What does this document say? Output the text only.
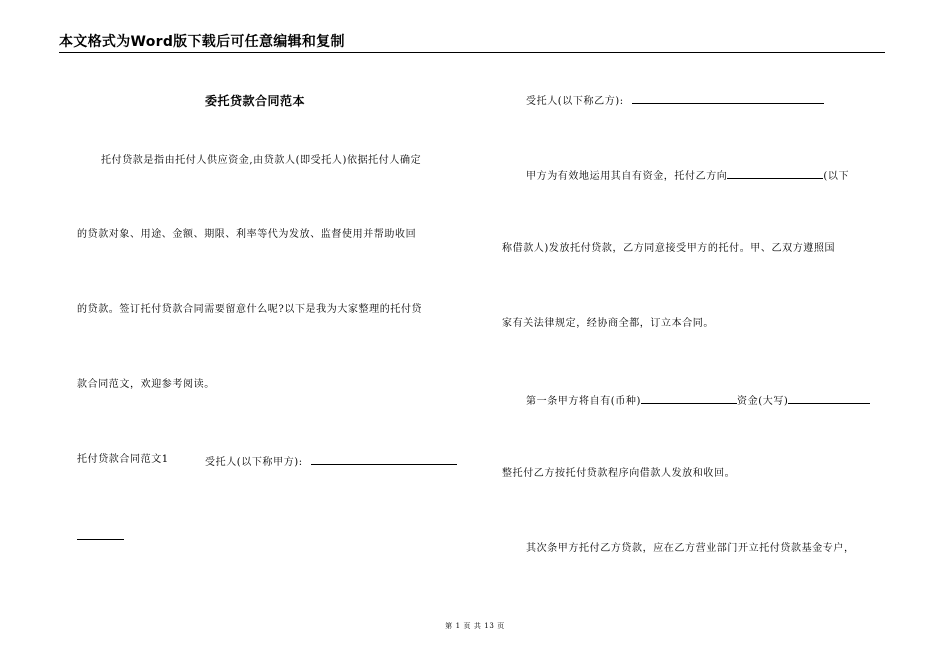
本文格式为Word版下载后可任意编辑和复制
委托贷款合同范本
托付贷款是指由托付人供应资金,由贷款人(即受托人)依据托付人确定
的贷款对象、用途、金额、期限、利率等代为发放、监督使用并帮助收回
的贷款。签订托付贷款合同需要留意什么呢?以下是我为大家整理的托付贷
款合同范文，欢迎参考阅读。
托付贷款合同范文1	受托人(以下称甲方):
受托人(以下称乙方):
甲方为有效地运用其自有资金，托付乙方向	(以下
称借款人)发放托付贷款，乙方同意接受甲方的托付。甲、乙双方遵照国
家有关法律规定，经协商全都，订立本合同。
第一条甲方将自有(币种)	资金(大写)
整托付乙方按托付贷款程序向借款人发放和收回。
其次条甲方托付乙方贷款，应在乙方营业部门开立托付贷款基金专户，
第 1 页 共 13 页
